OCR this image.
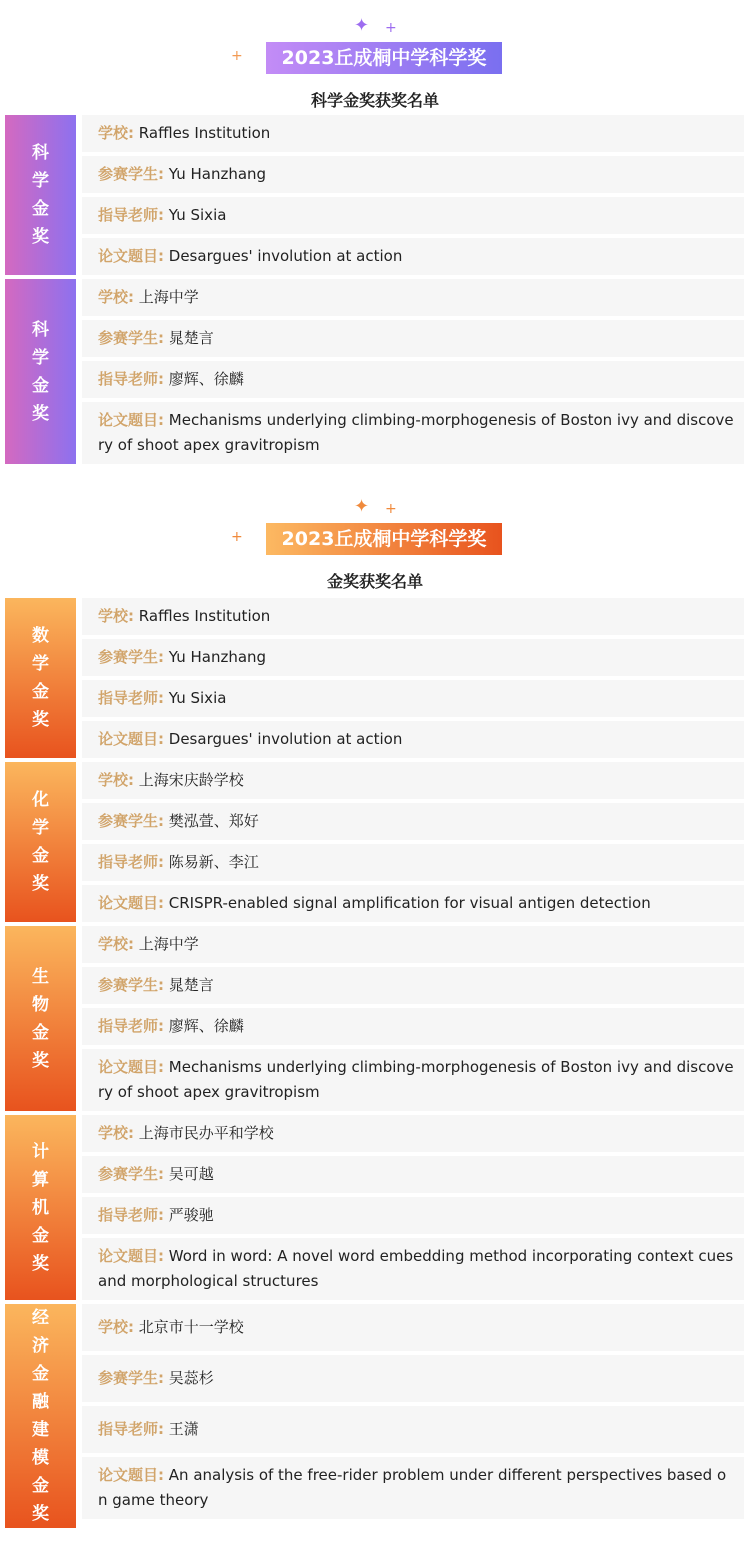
✦ +
+	2023丘成桐中学科学奖
科学金奖获奖名单
科学金奖
学校: Raffles Institution
参赛学生: Yu Hanzhang
指导老师: Yu Sixia
论文题目: Desargues' involution at action
科学金奖
学校: 上海中学
参赛学生: 晁楚言
指导老师: 廖辉、徐麟
论文题目: Mechanisms underlying climbing-morphogenesis of Boston ivy and discovery of shoot apex gravitropism
✦ +
+	2023丘成桐中学科学奖
金奖获奖名单
数学金奖
学校: Raffles Institution
参赛学生: Yu Hanzhang
指导老师: Yu Sixia
论文题目: Desargues' involution at action
化学金奖
学校: 上海宋庆龄学校
参赛学生: 樊泓萱、郑好
指导老师: 陈易新、李江
论文题目: CRISPR-enabled signal amplification for visual antigen detection
生物金奖
学校: 上海中学
参赛学生: 晁楚言
指导老师: 廖辉、徐麟
论文题目: Mechanisms underlying climbing-morphogenesis of Boston ivy and discovery of shoot apex gravitropism
计算机金奖
学校: 上海市民办平和学校
参赛学生: 吴可越
指导老师: 严骏驰
论文题目: Word in word: A novel word embedding method incorporating context cues and morphological structures
经济金融建模金奖
学校: 北京市十一学校
参赛学生: 吴蕊杉
指导老师: 王潇
论文题目: An analysis of the free-rider problem under different perspectives based on game theory
